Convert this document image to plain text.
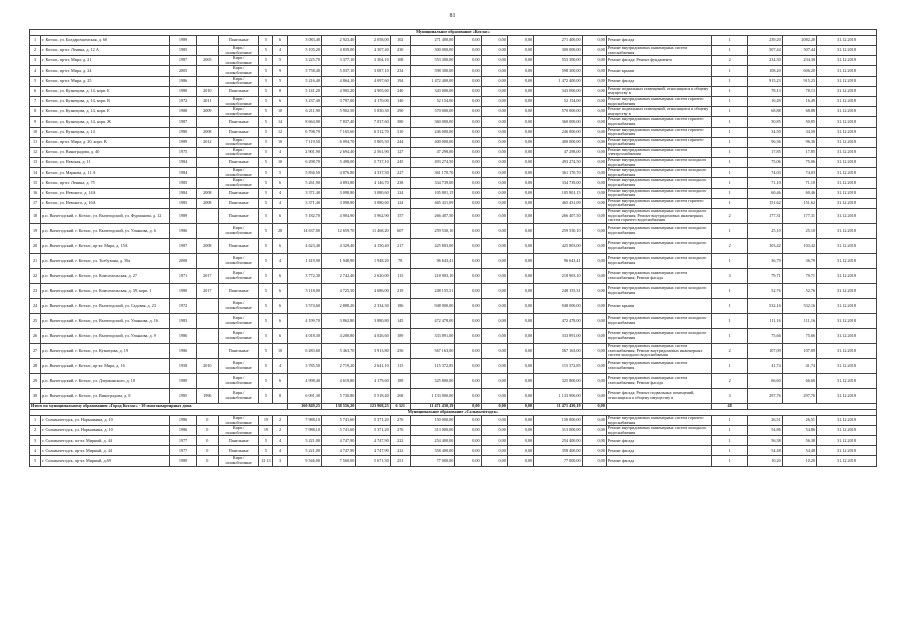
81
Муниципальное образование «Котлас»																					
1	г. Котлас, ул. Болдарочьемская, д. 60	1989		Панельные	5	6	3 083,40	2 923,40	2 058,00	102	271 400,00	0,00	0,00	0,00	271 400,00	0,00	Ремонт фасада	1	239,20	2082,20	31.12.2018
2	г. Котлас, пр-кт. Ленина, д. 12 А	1985		Кирп./ шлакоблочные	5	4	5 105,20	4 839,00	4 307,40	230	300 000,00	0,00	0,00	0,00	300 000,00	0,00	Ремонт внутридомовых инженерных систем газоснабжения	1	507,44	507,44	31.12.2018
3	г. Котлас, пр-кт. Мира, д. 21	1987	2005	Кирп./ шлакоблочные	5	5	3 225,70	3 377,10	3 304,10	108	553 300,00	0,00	0,00	0,00	553 300,00	0,00	Ремонт фасада; Ремонт фундамента	2	234,30	234,30	31.12.2018
4	г. Котлас, пр-кт. Мира, д. 24	2005		Кирп./ шлакоблочные	5	9	5 758,40	5 037,10	3 087,10	234	598 300,00	0,00	0,00	0,00	598 300,00	0,00	Ремонт крыши	1	108,20	606,20	31.12.2018
5	г. Котлас, пр-кт. Мира, д. 25	1986		Кирп./ шлакоблочные	5	5	5 216,40	4 864,10	4 097,60	194	1 472 400,00	0,00	0,00	0,00	1 472 400,00	0,00	Ремонт фасада	1	915,23	915,23	31.12.2018
6	г. Котлас, ул. Кузнецова, д. 14, корп. Б	1980	2010	Панельные	5	8	5 141,20	4 905,20	4 905,60	240	343 000,00	0,00	0,00	0,00	343 000,00	0,00	Ремонт подвальных помещений, относящихся к общему имуществу в	1	78,13	78,13	31.12.2018
7	г. Котлас, ул. Кузнецова, д. 14, корп. В	1972	2011	Кирп./ шлакоблочные	5	6	3 237,40	3 797,00	4 170,00	140	52 154,00	0,00	0,00	0,00	52 154,00	0,00	Ремонт внутридомовых инженерных систем горячего водоснабжения	1	16,49	16,49	31.12.2018
8	г. Котлас, ул. Кузнецова, д. 14, корп. Е	1988	2009	Кирп./ шлакоблочные	5	10	6 211,90	5 902,50	5 830,30	290	570 000,00	0,00	0,00	0,00	570 000,00	0,00	Ремонт подвальных помещений, относящихся к общему имуществу в	1	68,88	68,88	31.12.2018
9	г. Котлас, ул. Кузнецова, д. 14, корп. Ж	1987		Панельные	5	14	8 664,90	7 837,40	7 037,60	380	360 000,00	0,00	0,00	0,00	360 000,00	0,00	Ремонт внутридомовых инженерных систем горячего водоснабжения	1	50,85	50,85	31.12.2018
10	г. Котлас, ул. Кузнецова, д. 14	1980	2008	Панельные	5	12	6 798,70	7 165,60	6 512,70	310	246 000,00	0,00	0,00	0,00	246 000,00	0,00	Ремонт внутридомовых инженерных систем горячего водоснабжения	1	34,50	34,50	31.12.2018
11	г. Котлас, пр-кт. Мира, д. 20, корп. В	1989	2012	Кирп./ шлакоблочные	5	10	7 119,50	6 094,70	5 805,50	244	400 000,00	0,00	0,00	0,00	400 000,00	0,00	Ремонт внутридомовых инженерных систем горячего водоснабжения	1	96,36	96,36	31.12.2018
12	г. Котлас, ул. Виноградова, д. 40	1975		Кирп./ шлакоблочные	5	4	2 901,90	2 694,40	2 561,90	127	47 298,00	0,00	0,00	0,00	47 298,00	0,00	Ремонт внутридомовых инженерных систем электроснабжения	1	17,85	17,85	31.12.2018
13	г. Котлас, ул. Невская, д. 11	1984		Панельные	5	10	6 298,70	5 498,00	5 737,10	245	493 274,50	0,00	0,00	0,00	493 274,50	0,00	Ремонт внутридомовых инженерных систем холодного водоснабжения	1	75,06	75,06	31.12.2018
14	г. Котлас, ул. Маркова, д. 11 А	1984		Кирп./ шлакоблочные	5	5	5 836,50	4 876,80	4 337,30	227	361 170,70	0,00	0,00	0,00	361 170,70	0,00	Ремонт внутридомовых инженерных систем холодного водоснабжения	1	74,03	74,03	31.12.2018
15	г. Котлас, пр-кт. Ленина, д. 75	1985		Кирп./ шлакоблочные	5	6	5 261,90	4 893,80	4 146,70	238	334 739,00	0,00	0,00	0,00	334 739,00	0,00	Ремонт внутридомовых инженерных систем холодного водоснабжения	1	71,10	71,10	31.12.2018
16	г. Котлас, ул. Невского, д. 14А	1984	2008	Панельные	5	4	3 371,40	3 098,80	3 080,60	124	105 801,15	0,00	0,00	0,00	105 801,15	0,00	Ремонт внутридомовых инженерных систем холодного водоснабжения	1	60,46	60,46	31.12.2018
17	г. Котлас, ул. Невского, д. 16А	1985	2008	Панельные	5	4	3 371,40	3 098,80	3 080,60	124	465 431,09	0,00	0,00	0,00	465 431,09	0,00	Ремонт внутридомовых инженерных систем горячего водоснабжения	1	151,62	151,62	31.12.2018
18	р.п. Вычегодский, г. Котлас, ул. Вычегодский, ул. Фурманова, д. 12	1989		Панельные	5	6	5 182,70	4 904,90	3 962,90	157	266 407,50	0,00	0,00	0,00	266 407,50	0,00	Ремонт внутридомовых инженерных систем холодного водоснабжения; Ремонт внутридомовых инженерных систем горячего водоснабжения	2	177,31	177,31	31.12.2018
19	р.п. Вычегодский, г. Котлас, ул. Вычегодский, ул. Ульянова, д. 6	1986		Кирп./ шлакоблочные	5	28	14 637,00	12 659,70	11 468,20	607	259 530,10	0,00	0,00	0,00	259 530,10	0,00	Ремонт внутридомовых инженерных систем холодного водоснабжения	1	25,10	25,10	31.12.2018
20	р.п. Вычегодский, г. Котлас, пр-кт. Мира, д. 15А	1987	2008	Панельные	5	6	4 623,40	4 329,40	4 150,40	217	425 803,00	0,00	0,00	0,00	425 803,00	0,00	Ремонт внутридомовых инженерных систем холодного водоснабжения	2	103,42	103,42	31.12.2018
21	р.п. Вычегодский, г. Котлас, ул. Толбухина, д. 59а	2008		Кирп./ шлакоблочные	5	4	1 419,90	1 948,90	1 948,20	78	96 643,41	0,00	0,00	0,00	96 643,41	0,00	Ремонт внутридомовых инженерных систем холодного водоснабжения	1	36,79	36,79	31.12.2018
22	р.п. Вычегодский, г. Котлас, ул. Комсомольская, д. 27	1971	2017	Кирп./ шлакоблочные	5	6	3 772,30	2 742,40	2 620,00	115	218 903,10	0,00	0,00	0,00	218 903,10	0,00	Ремонт внутридомовых инженерных систем газоснабжения; Ремонт фасада	3	79,71	79,71	31.12.2018
23	р.п. Вычегодский, г. Котлас, ул. Комсомольская, д. 39, корп. 1	1980	2017	Панельные	5	6	5 118,00	4 725,50	4 686,00	219	248 155,31	0,00	0,00	0,00	248 155,31	0,00	Ремонт внутридомовых инженерных систем холодного водоснабжения	1	52,76	52,76	31.12.2018
24	р.п. Вычегодский, г. Котлас, ул. Вычегодский, ул. Садовая, д. 23	1972		Кирп./ шлакоблочные	5	6	3 574,60	2 888,20	2 334,30	186	948 000,00	0,00	0,00	0,00	948 000,00	0,00	Ремонт крыши	1	532,16	532,16	31.12.2018
25	р.п. Вычегодский, г. Котлас, ул. Вычегодский, ул. Ульянова, д. 16	1983		Кирп./ шлакоблочные	5	6	4 199,70	3 862,80	3 880,80	145	472 478,00	0,00	0,00	0,00	472 478,00	0,00	Ремонт внутридомовых инженерных систем холодного водоснабжения	1	111,16	111,16	31.12.2018
26	р.п. Вычегодский, г. Котлас, ул. Вычегодский, ул. Ульянова, д. 9	1986		Кирп./ шлакоблочные	5	6	4 018,30	4 200,80	4 026,60	189	333 891,00	0,00	0,00	0,00	333 891,00	0,00	Ремонт внутридомовых инженерных систем холодного водоснабжения	1	75,66	75,66	31.12.2018
27	р.п. Вычегодский, г. Котлас, ул. Кузнецова, д. 19	1986		Панельные	5	10	6 283,60	5 463,70	3 913,80	256	567 163,00	0,00	0,00	0,00	567 163,00	0,00	Ремонт внутридомовых инженерных систем газоснабжения; Ремонт внутридомовых инженерных систем холодного водоснабжения	2	107,09	107,09	31.12.2018
28	р.п. Вычегодский, г. Котлас, пр-кт. Мира, д. 16	1958	2010	Кирп./ шлакоблочные	5	4	3 785,50	2 719,20	2 641,10	115	115 372,85	0,00	0,00	0,00	115 372,85	0,00	Ремонт внутридомовых инженерных систем газоснабжения	1	41,74	41,74	31.12.2018
29	р.п. Вычегодский, г. Котлас, ул. Дзержинского, д. 10	1989		Кирп./ шлакоблочные	5	6	4 998,40	4 619,80	4 179,60	189	325 800,00	0,00	0,00	0,00	325 800,00	0,00	Ремонт внутридомовых инженерных систем газоснабжения; Ремонт фасада	2	66,60	66,60	31.12.2018
30	р.п. Вычегодский, г. Котлас, ул. Виноградова, д. 8	1985	1996	Кирп./ шлакоблочные	5	8	6 091,30	5 730,80	5 518,40	268	1 133 900,00	0,00	0,00	0,00	1 133 900,00	0,00	Ремонт фасада; Ремонт подвальных помещений, относящихся к общему имуществу в	3	297,76	297,76	31.12.2018
Итого по муниципальному образованию «Город Котлас» - 30 многоквартирных дома							160 849,25	138 556,20	123 968,25	6 321	11 471 430,19	0,00	0,00	0,00	11 471 430,19	0,00		48			
Муниципальное образование «Сольвычегодск»																					
1	г. Сольвычегодск, ул. Нарышкина, д. 10	1986	0	Кирп./ шлакоблочные	19	2	7 988,10	5 741,60	5 371,20	276	150 000,00	0,00	0,00	0,00	150 000,00	0,00	Ремонт внутридомовых инженерных систем горячего водоснабжения	1	26,51	26,51	31.12.2018
2	г. Сольвычегодск, ул. Нарышкина, д. 10	1986	0	Кирп./ шлакоблочные	19	2	7 988,10	5 741,60	5 371,20	276	313 000,00	0,00	0,00	0,00	313 000,00	0,00	Ремонт внутридомовых инженерных систем холодного водоснабжения	1	54,86	54,86	31.12.2018
3	г. Сольвычегодск, пл-кт. Мирный, д. 44	1977	0	Панельные	5	4	5 221,00	4 747,90	4 747,90	222	254 400,00	0,00	0,00	0,00	254 400,00	0,00	Ремонт фасада	1	56,38	56,38	31.12.2018
4	г. Сольвычегодск, пр-кт. Мирный, д. 44	1977	0	Панельные	5	4	5 221,00	4 747,90	4 747,90	222	358 400,00	0,00	0,00	0,00	358 400,00	0,00	Ремонт фасада	1	54,48	54,48	31.12.2018
5	г. Сольвычегодск, пр-кт. Мирный, д.69	1989	0	Кирп./ шлакоблочные	12 13	3	9 546,00	7 560,00	5 671,30	251	77 000,00	0,00	0,00	0,00	77 000,00	0,00	Ремонт фасада	1	10,20	10,20	31.12.2018
